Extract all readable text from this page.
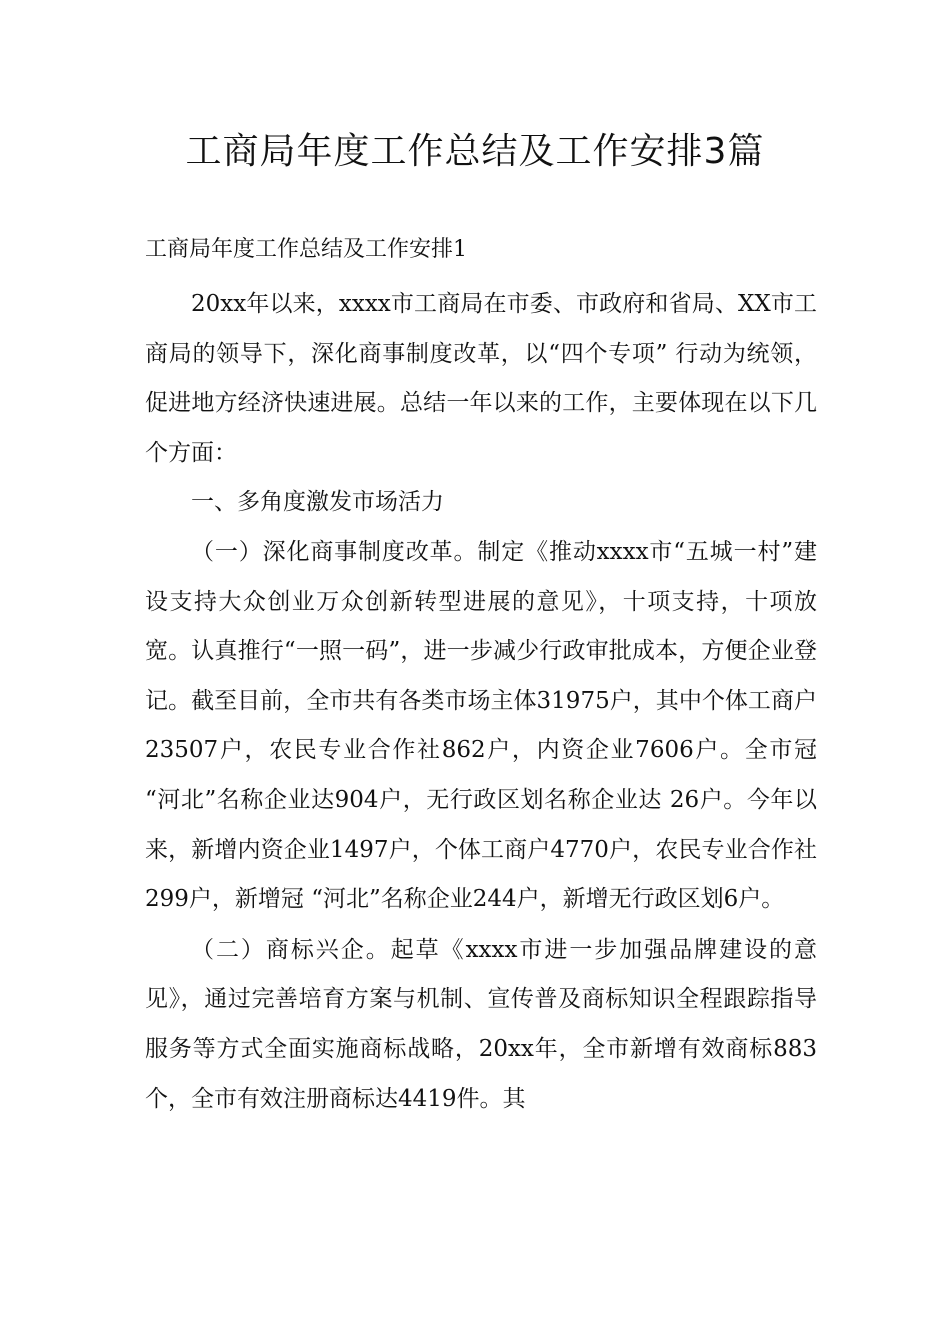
工商局年度工作总结及工作安排3篇

工商局年度工作总结及工作安排1

20xx年以来，xxxx市工商局在市委、市政府和省局、XX市工商局的领导下，深化商事制度改革，以“四个专项” 行动为统领，促进地方经济快速进展。总结一年以来的工作，主要体现在以下几个方面：

一、多角度激发市场活力

（一）深化商事制度改革。制定《推动xxxx市“五城一村”建设支持大众创业万众创新转型进展的意见》，十项支持，十项放宽。认真推行“一照一码”，进一步减少行政审批成本，方便企业登记。截至目前，全市共有各类市场主体31975户，其中个体工商户23507户，农民专业合作社862户，内资企业7606户。全市冠 “河北”名称企业达904户，无行政区划名称企业达 26户。今年以来，新增内资企业1497户，个体工商户4770户，农民专业合作社299户，新增冠 “河北”名称企业244户，新增无行政区划6户。

（二）商标兴企。起草《xxxx市进一步加强品牌建设的意见》，通过完善培育方案与机制、宣传普及商标知识全程跟踪指导服务等方式全面实施商标战略，20xx年，全市新增有效商标883个，全市有效注册商标达4419件。其
